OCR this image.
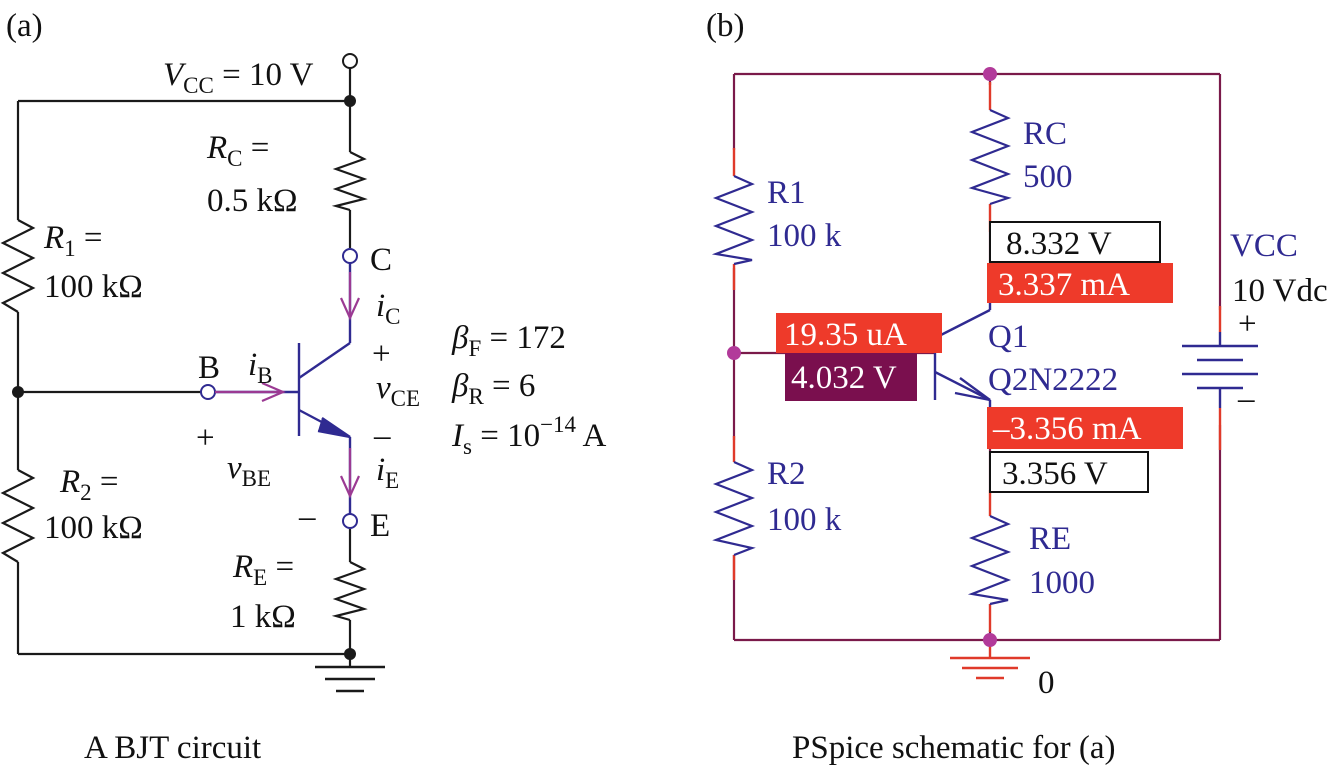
(a)
$V_{CC} = 10$ V
$R_C$ =
0.5 kΩ
$R_1$ =
100 kΩ
$R_2$ =
100 kΩ
$R_E$ =
1 kΩ
C
B
E
$i_C$
$i_B$
$i_E$
+
$v_{CE}$
–
+
$v_{BE}$
–
$\beta_F = 172$
$\beta_R = 6$
$I_s = 10^{-14}$ A
A BJT circuit
(b)
RC
500
R1
100 k
R2
100 k
RE
1000
Q1
Q2N2222
VCC
10 Vdc
+
–
0
8.332 V
3.337 mA
19.35 uA
4.032 V
–3.356 mA
3.356 V
PSpice schematic for (a)
